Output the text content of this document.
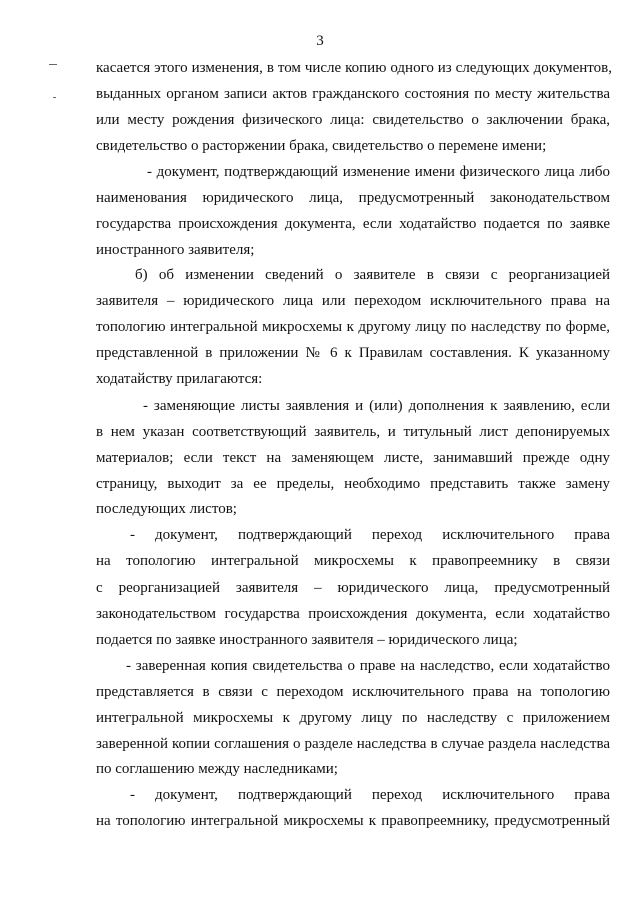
3
касается этого изменения, в том числе копию одного из следующих документов,
выданных органом записи актов гражданского состояния по месту жительства
или месту рождения физического лица: свидетельство о заключении брака,
свидетельство о расторжении брака, свидетельство о перемене имени;
- документ, подтверждающий изменение имени физического лица либо
наименования юридического лица, предусмотренный законодательством
государства происхождения документа, если ходатайство подается по заявке
иностранного заявителя;
б) об изменении сведений о заявителе в связи с реорганизацией
заявителя – юридического лица или переходом исключительного права на
топологию интегральной микросхемы к другому лицу по наследству по форме,
представленной в приложении № 6 к Правилам составления. К указанному
ходатайству прилагаются:
- заменяющие листы заявления и (или) дополнения к заявлению, если
в нем указан соответствующий заявитель, и титульный лист депонируемых
материалов; если текст на заменяющем листе, занимавший прежде одну
страницу, выходит за ее пределы, необходимо представить также замену
последующих листов;
- документ, подтверждающий переход исключительного права
на топологию интегральной микросхемы к правопреемнику в связи
с реорганизацией заявителя – юридического лица, предусмотренный
законодательством государства происхождения документа, если ходатайство
подается по заявке иностранного заявителя – юридического лица;
- заверенная копия свидетельства о праве на наследство, если ходатайство
представляется в связи с переходом исключительного права на топологию
интегральной микросхемы к другому лицу по наследству с приложением
заверенной копии соглашения о разделе наследства в случае раздела наследства
по соглашению между наследниками;
- документ, подтверждающий переход исключительного права
на топологию интегральной микросхемы к правопреемнику, предусмотренный
